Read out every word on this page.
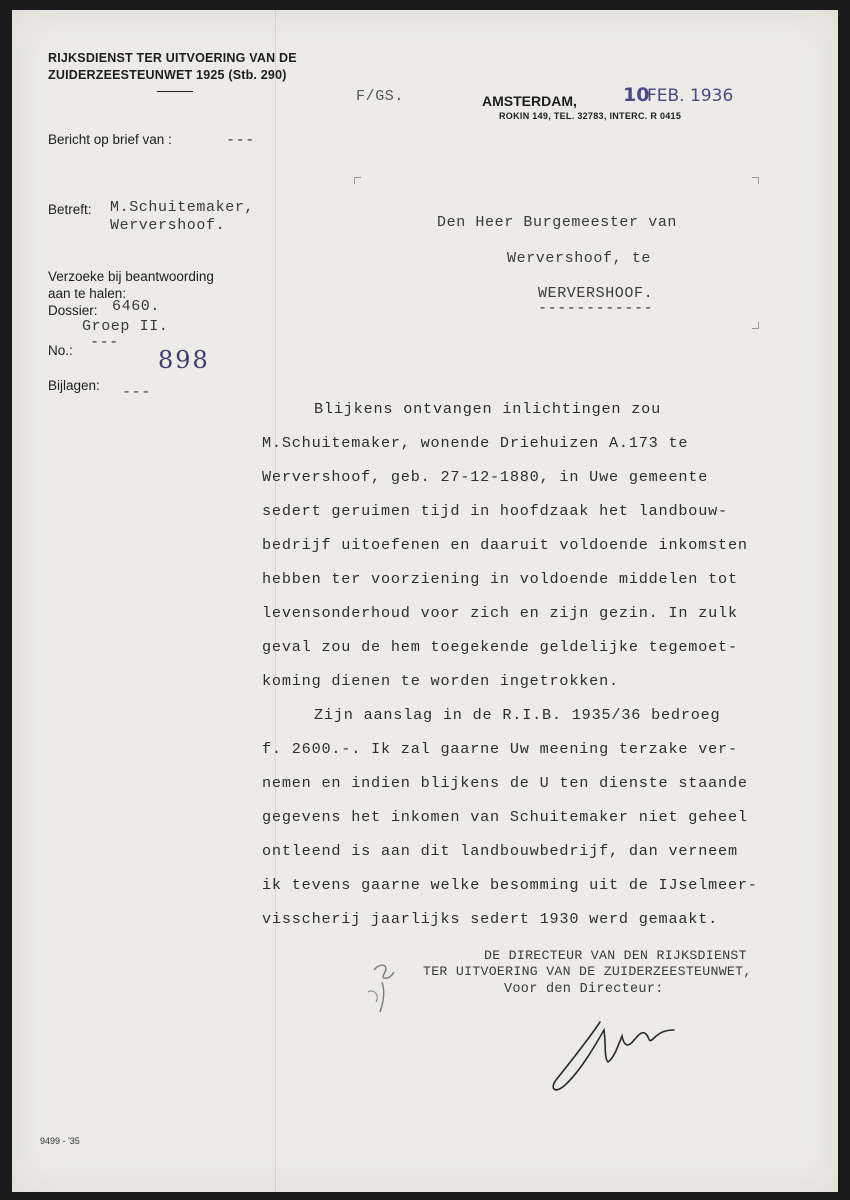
RIJKSDIENST TER UITVOERING VAN DE
ZUIDERZEESTEUNWET 1925 (Stb. 290)
F/GS.	AMSTERDAM, 10
FEB. 1936
ROKIN 149, TEL. 32783, INTERC. R 0415
Bericht op brief van :	---
Betreft: M.Schuitemaker,
Wervershoof.
Verzoeke bij beantwoording
aan te halen:
Dossier: 6460.
Groep II.
No.: ---
898
Bijlagen: ---
Den Heer Burgemeester van
Wervershoof, te
WERVERSHOOF.
------------
Blijkens ontvangen inlichtingen zou
M.Schuitemaker, wonende Driehuizen A.173 te
Wervershoof, geb. 27-12-1880, in Uwe gemeente
sedert geruimen tijd in hoofdzaak het landbouw-
bedrijf uitoefenen en daaruit voldoende inkomsten
hebben ter voorziening in voldoende middelen tot
levensonderhoud voor zich en zijn gezin. In zulk
geval zou de hem toegekende geldelijke tegemoet-
koming dienen te worden ingetrokken.
Zijn aanslag in de R.I.B. 1935/36 bedroeg
f. 2600.-. Ik zal gaarne Uw meening terzake ver-
nemen en indien blijkens de U ten dienste staande
gegevens het inkomen van Schuitemaker niet geheel
ontleend is aan dit landbouwbedrijf, dan verneem
ik tevens gaarne welke besomming uit de IJselmeer-
visscherij jaarlijks sedert 1930 werd gemaakt.
DE DIRECTEUR VAN DEN RIJKSDIENST
TER UITVOERING VAN DE ZUIDERZEESTEUNWET,
Voor den Directeur:
9499 - '35
